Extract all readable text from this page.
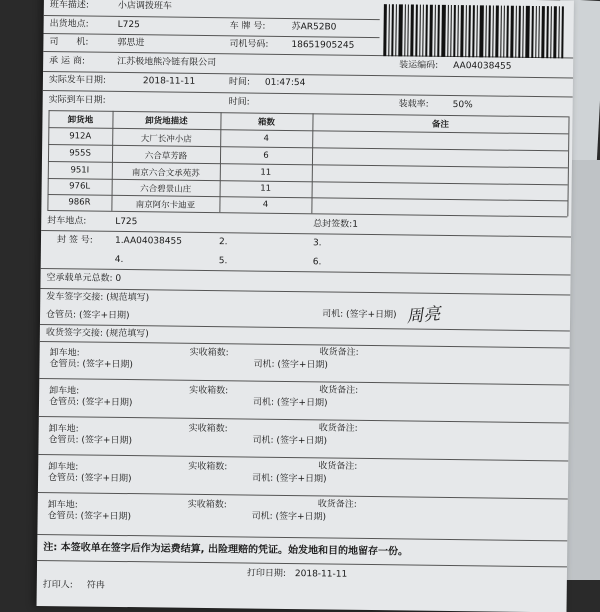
班车描述:	小店调拨班车
出货地点:	L725	车 牌 号:	苏AR52B0
司　　机:	郭思进	司机号码:	18651905245
承 运 商:	江苏极地熊冷链有限公司	装运编码: AA04038455
实际发车日期:	2018-11-11	时间: 01:47:54
实际到车日期:	时间:	装载率:	50%
卸货地	卸货地描述	箱数	备注
912A	大厂长冲小店	4
955S	六合草芳路	6
951I	南京六合文承苑苏	11
976L	六合碧景山庄	11
986R	南京阿尔卡迪亚	4
封车地点:	L725	总封签数:1
封 签 号: 1.AA04038455	2.	3.
4.	5.	6.
空承载单元总数: 0
发车签字交接: (规范填写)
仓管员: (签字+日期)	司机: (签字+日期) 周亮
收货签字交接: (规范填写)
卸车地:
仓管员: (签字+日期)
实收箱数:	收货备注:
司机: (签字+日期)
卸车地:
仓管员: (签字+日期)
实收箱数:	收货备注:
司机: (签字+日期)
卸车地:
仓管员: (签字+日期)
实收箱数:	收货备注:
司机: (签字+日期)
卸车地:
仓管员: (签字+日期)
实收箱数:	收货备注:
司机: (签字+日期)
卸车地:
仓管员: (签字+日期)
实收箱数:	收货备注:
司机: (签字+日期)
注: 本签收单在签字后作为运费结算, 出险理赔的凭证。始发地和目的地留存一份。
打印人: 符冉
打印日期: 2018-11-11
